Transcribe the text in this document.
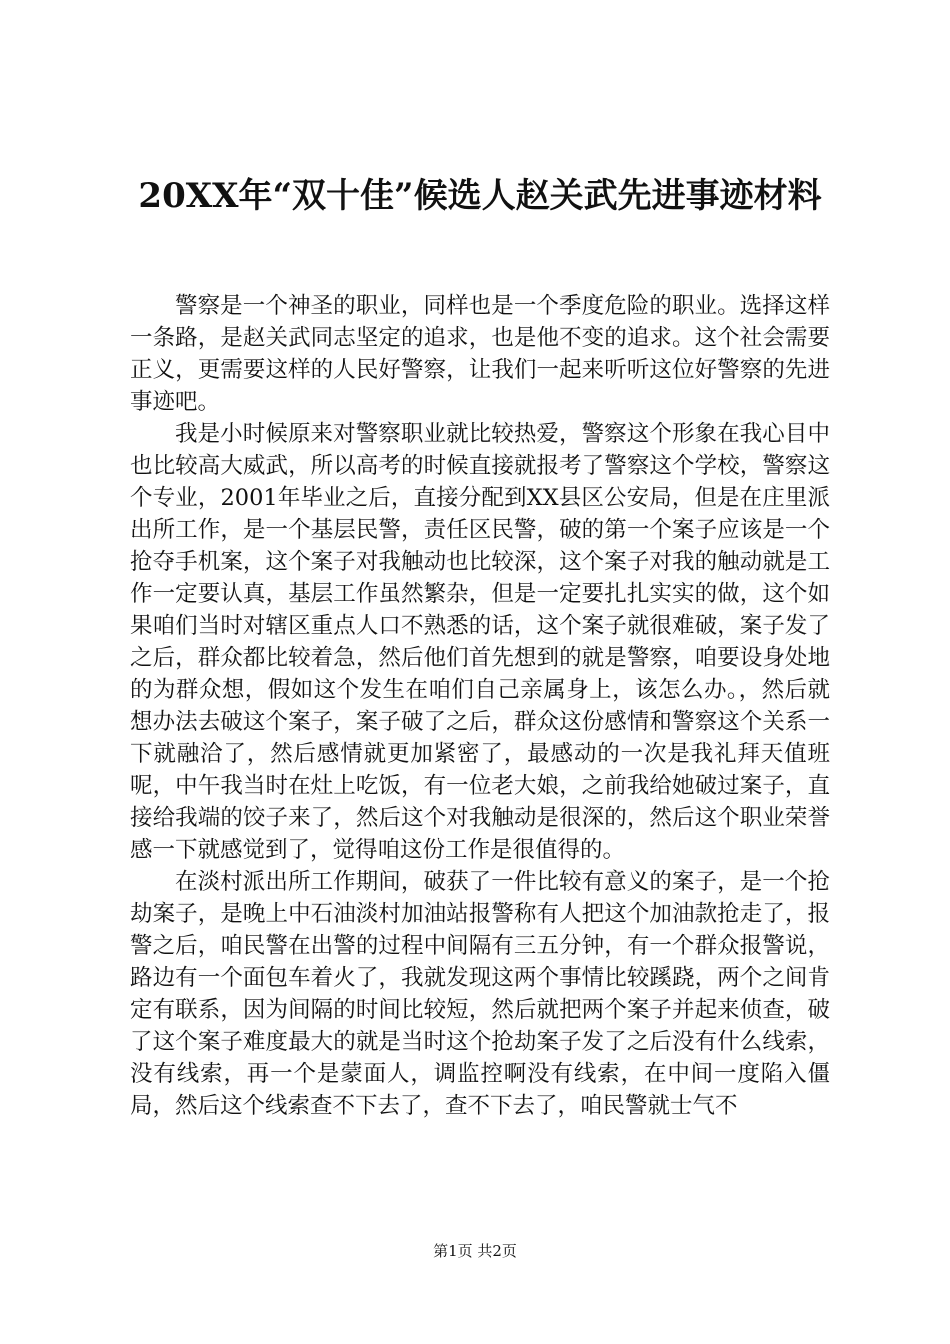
20XX年“双十佳”候选人赵关武先进事迹材料

警察是一个神圣的职业，同样也是一个季度危险的职业。选择这样一条路，是赵关武同志坚定的追求，也是他不变的追求。这个社会需要正义，更需要这样的人民好警察，让我们一起来听听这位好警察的先进事迹吧。

我是小时候原来对警察职业就比较热爱，警察这个形象在我心目中也比较高大威武，所以高考的时候直接就报考了警察这个学校，警察这个专业，2001年毕业之后，直接分配到XX县区公安局，但是在庄里派出所工作，是一个基层民警，责任区民警，破的第一个案子应该是一个抢夺手机案，这个案子对我触动也比较深，这个案子对我的触动就是工作一定要认真，基层工作虽然繁杂，但是一定要扎扎实实的做，这个如果咱们当时对辖区重点人口不熟悉的话，这个案子就很难破，案子发了之后，群众都比较着急，然后他们首先想到的就是警察，咱要设身处地的为群众想，假如这个发生在咱们自己亲属身上，该怎么办。，然后就想办法去破这个案子，案子破了之后，群众这份感情和警察这个关系一下就融洽了，然后感情就更加紧密了，最感动的一次是我礼拜天值班呢，中午我当时在灶上吃饭，有一位老大娘，之前我给她破过案子，直接给我端的饺子来了，然后这个对我触动是很深的，然后这个职业荣誉感一下就感觉到了，觉得咱这份工作是很值得的。

在淡村派出所工作期间，破获了一件比较有意义的案子，是一个抢劫案子，是晚上中石油淡村加油站报警称有人把这个加油款抢走了，报警之后，咱民警在出警的过程中间隔有三五分钟，有一个群众报警说，路边有一个面包车着火了，我就发现这两个事情比较蹊跷，两个之间肯定有联系，因为间隔的时间比较短，然后就把两个案子并起来侦查，破了这个案子难度最大的就是当时这个抢劫案子发了之后没有什么线索，没有线索，再一个是蒙面人，调监控啊没有线索，在中间一度陷入僵局，然后这个线索查不下去了，查不下去了，咱民警就士气不

第1页 共2页
